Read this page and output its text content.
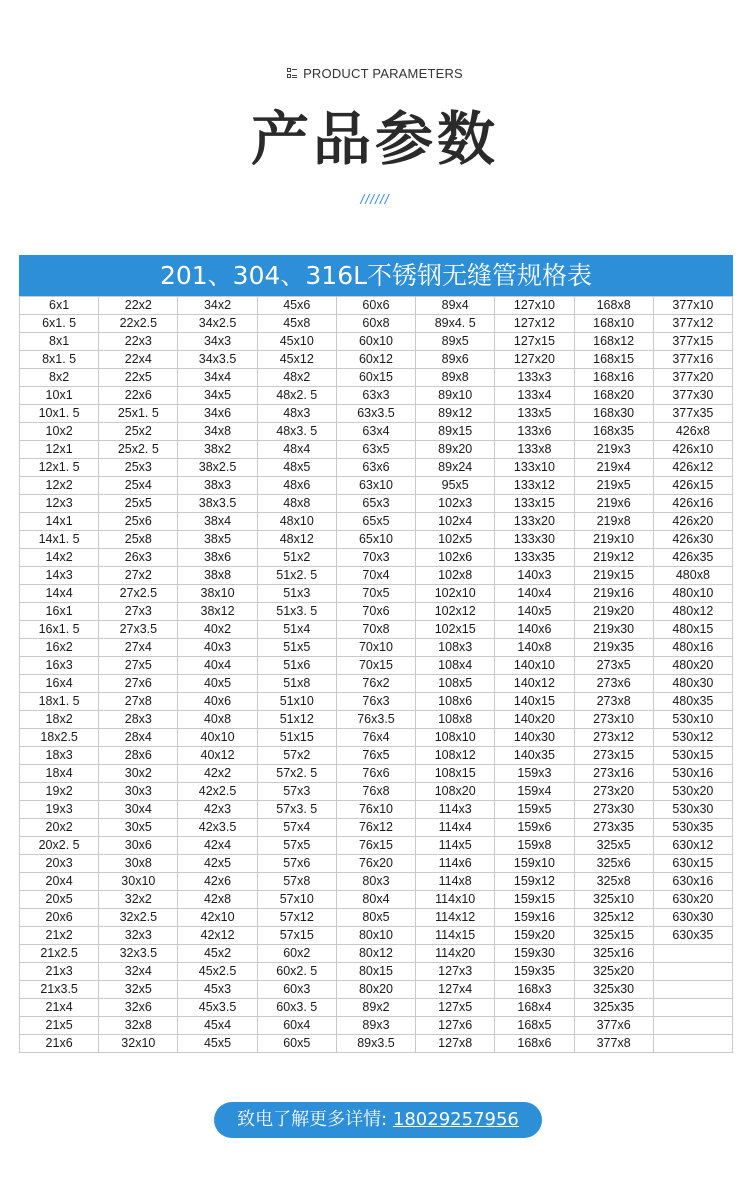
PRODUCT PARAMETERS
产品参数
//////
201、304、316L不锈钢无缝管规格表
6x1	22x2	34x2	45x6	60x6	89x4	127x10	168x8	377x10
6x1. 5	22x2.5	34x2.5	45x8	60x8	89x4. 5	127x12	168x10	377x12
8x1	22x3	34x3	45x10	60x10	89x5	127x15	168x12	377x15
8x1. 5	22x4	34x3.5	45x12	60x12	89x6	127x20	168x15	377x16
8x2	22x5	34x4	48x2	60x15	89x8	133x3	168x16	377x20
10x1	22x6	34x5	48x2. 5	63x3	89x10	133x4	168x20	377x30
10x1. 5	25x1. 5	34x6	48x3	63x3.5	89x12	133x5	168x30	377x35
10x2	25x2	34x8	48x3. 5	63x4	89x15	133x6	168x35	426x8
12x1	25x2. 5	38x2	48x4	63x5	89x20	133x8	219x3	426x10
12x1. 5	25x3	38x2.5	48x5	63x6	89x24	133x10	219x4	426x12
12x2	25x4	38x3	48x6	63x10	95x5	133x12	219x5	426x15
12x3	25x5	38x3.5	48x8	65x3	102x3	133x15	219x6	426x16
14x1	25x6	38x4	48x10	65x5	102x4	133x20	219x8	426x20
14x1. 5	25x8	38x5	48x12	65x10	102x5	133x30	219x10	426x30
14x2	26x3	38x6	51x2	70x3	102x6	133x35	219x12	426x35
14x3	27x2	38x8	51x2. 5	70x4	102x8	140x3	219x15	480x8
14x4	27x2.5	38x10	51x3	70x5	102x10	140x4	219x16	480x10
16x1	27x3	38x12	51x3. 5	70x6	102x12	140x5	219x20	480x12
16x1. 5	27x3.5	40x2	51x4	70x8	102x15	140x6	219x30	480x15
16x2	27x4	40x3	51x5	70x10	108x3	140x8	219x35	480x16
16x3	27x5	40x4	51x6	70x15	108x4	140x10	273x5	480x20
16x4	27x6	40x5	51x8	76x2	108x5	140x12	273x6	480x30
18x1. 5	27x8	40x6	51x10	76x3	108x6	140x15	273x8	480x35
18x2	28x3	40x8	51x12	76x3.5	108x8	140x20	273x10	530x10
18x2.5	28x4	40x10	51x15	76x4	108x10	140x30	273x12	530x12
18x3	28x6	40x12	57x2	76x5	108x12	140x35	273x15	530x15
18x4	30x2	42x2	57x2. 5	76x6	108x15	159x3	273x16	530x16
19x2	30x3	42x2.5	57x3	76x8	108x20	159x4	273x20	530x20
19x3	30x4	42x3	57x3. 5	76x10	114x3	159x5	273x30	530x30
20x2	30x5	42x3.5	57x4	76x12	114x4	159x6	273x35	530x35
20x2. 5	30x6	42x4	57x5	76x15	114x5	159x8	325x5	630x12
20x3	30x8	42x5	57x6	76x20	114x6	159x10	325x6	630x15
20x4	30x10	42x6	57x8	80x3	114x8	159x12	325x8	630x16
20x5	32x2	42x8	57x10	80x4	114x10	159x15	325x10	630x20
20x6	32x2.5	42x10	57x12	80x5	114x12	159x16	325x12	630x30
21x2	32x3	42x12	57x15	80x10	114x15	159x20	325x15	630x35
21x2.5	32x3.5	45x2	60x2	80x12	114x20	159x30	325x16	
21x3	32x4	45x2.5	60x2. 5	80x15	127x3	159x35	325x20	
21x3.5	32x5	45x3	60x3	80x20	127x4	168x3	325x30	
21x4	32x6	45x3.5	60x3. 5	89x2	127x5	168x4	325x35	
21x5	32x8	45x4	60x4	89x3	127x6	168x5	377x6	
21x6	32x10	45x5	60x5	89x3.5	127x8	168x6	377x8	
致电了解更多详情: 18029257956
